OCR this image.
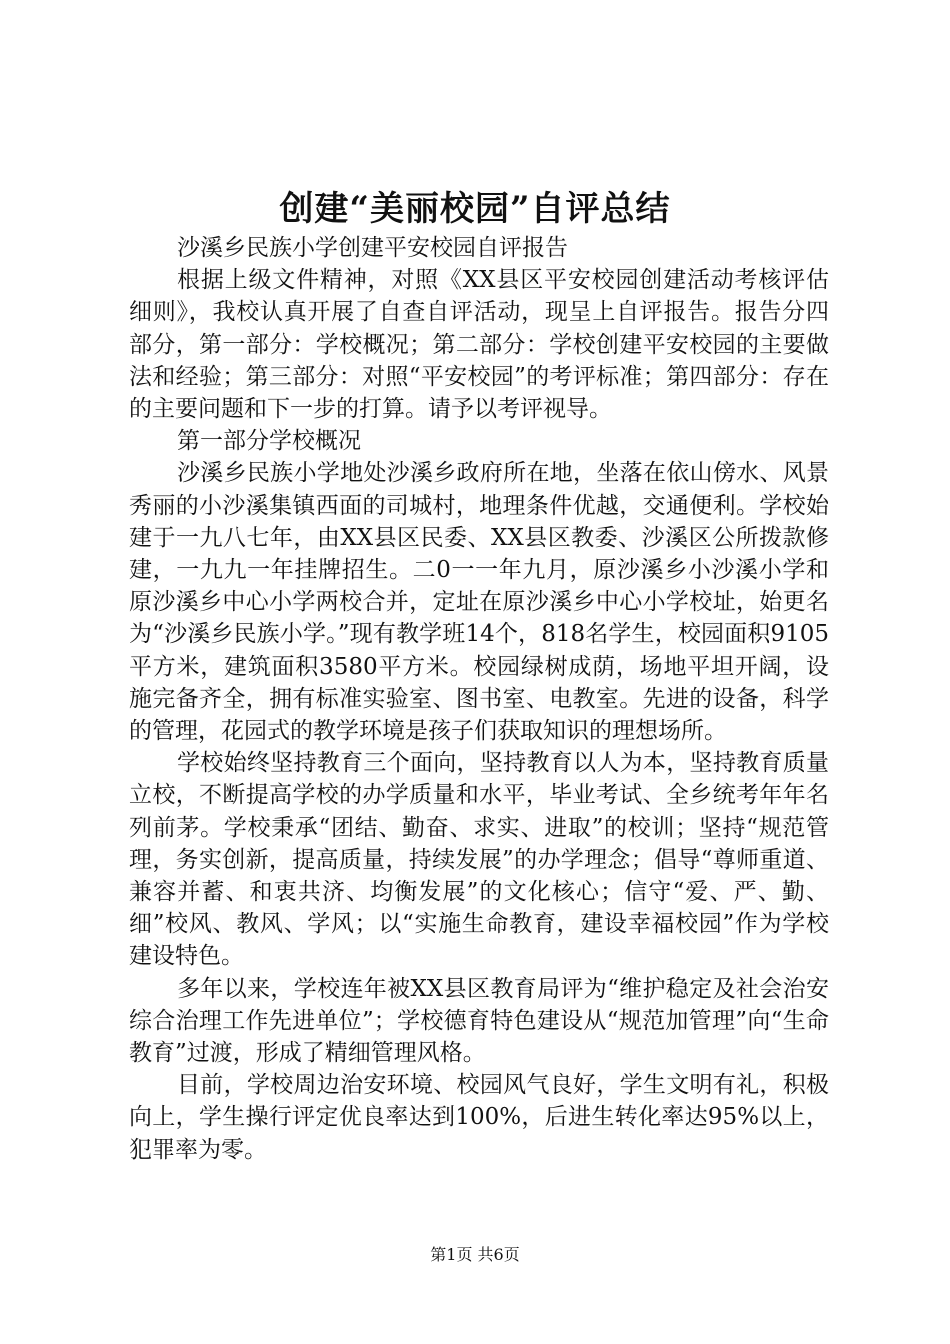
创建“美丽校园”自评总结

沙溪乡民族小学创建平安校园自评报告

根据上级文件精神，对照《XX县区平安校园创建活动考核评估细则》，我校认真开展了自查自评活动，现呈上自评报告。报告分四部分，第一部分：学校概况；第二部分：学校创建平安校园的主要做法和经验；第三部分：对照“平安校园”的考评标准；第四部分：存在的主要问题和下一步的打算。请予以考评视导。

第一部分学校概况

沙溪乡民族小学地处沙溪乡政府所在地，坐落在依山傍水、风景秀丽的小沙溪集镇西面的司城村，地理条件优越，交通便利。学校始建于一九八七年，由XX县区民委、XX县区教委、沙溪区公所拨款修建，一九九一年挂牌招生。二0一一年九月，原沙溪乡小沙溪小学和原沙溪乡中心小学两校合并，定址在原沙溪乡中心小学校址，始更名为“沙溪乡民族小学。”现有教学班14个，818名学生，校园面积9105平方米，建筑面积3580平方米。校园绿树成荫，场地平坦开阔，设施完备齐全，拥有标准实验室、图书室、电教室。先进的设备，科学的管理，花园式的教学环境是孩子们获取知识的理想场所。

学校始终坚持教育三个面向，坚持教育以人为本，坚持教育质量立校，不断提高学校的办学质量和水平，毕业考试、全乡统考年年名列前茅。学校秉承“团结、勤奋、求实、进取”的校训；坚持“规范管理，务实创新，提高质量，持续发展”的办学理念；倡导“尊师重道、兼容并蓄、和衷共济、均衡发展”的文化核心；信守“爱、严、勤、细”校风、教风、学风；以“实施生命教育，建设幸福校园”作为学校建设特色。

多年以来，学校连年被XX县区教育局评为“维护稳定及社会治安综合治理工作先进单位”；学校德育特色建设从“规范加管理”向“生命教育”过渡，形成了精细管理风格。

目前，学校周边治安环境、校园风气良好，学生文明有礼，积极向上，学生操行评定优良率达到100%，后进生转化率达95%以上，犯罪率为零。

第1页 共6页
